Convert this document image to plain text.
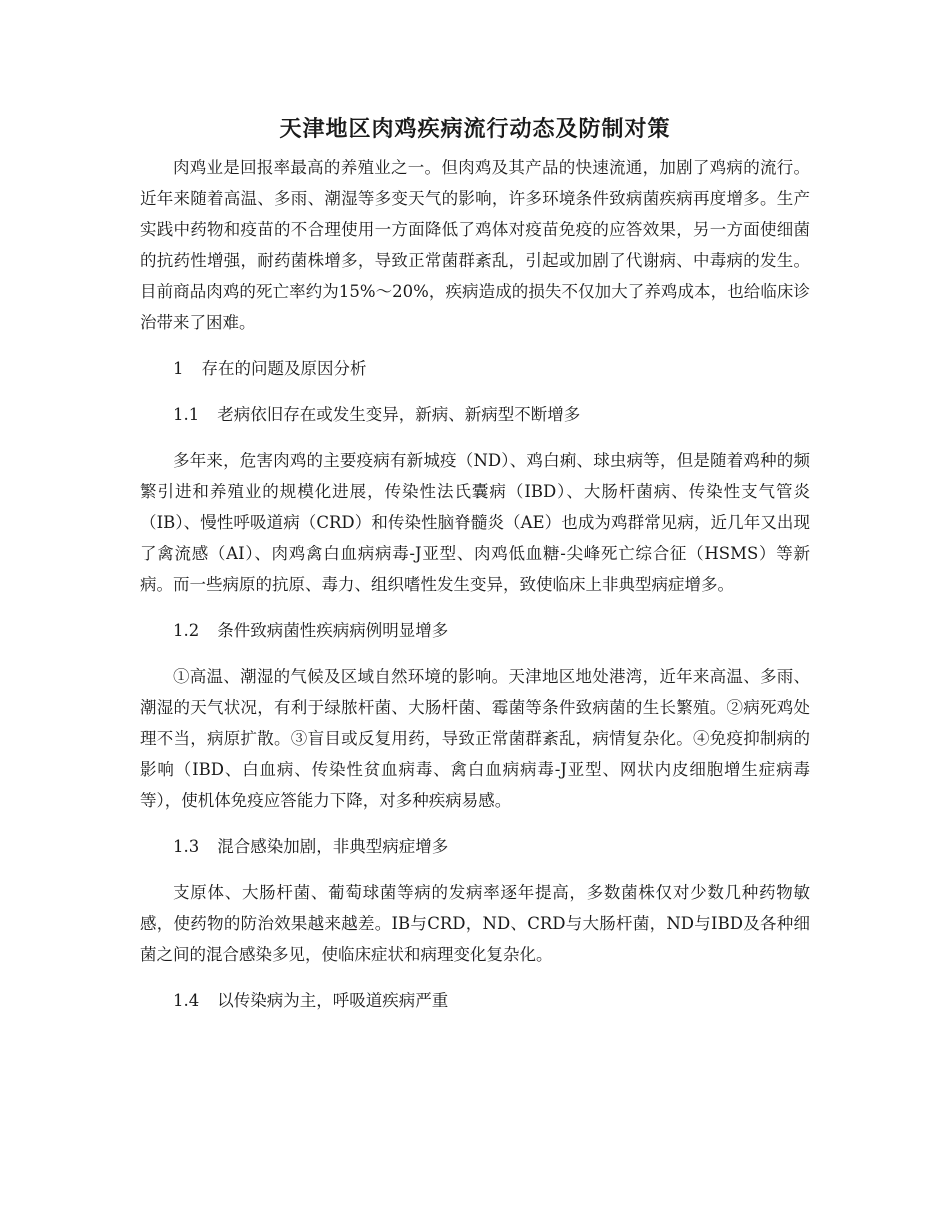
天津地区肉鸡疾病流行动态及防制对策

肉鸡业是回报率最高的养殖业之一。但肉鸡及其产品的快速流通，加剧了鸡病的流行。近年来随着高温、多雨、潮湿等多变天气的影响，许多环境条件致病菌疾病再度增多。生产实践中药物和疫苗的不合理使用一方面降低了鸡体对疫苗免疫的应答效果，另一方面使细菌的抗药性增强，耐药菌株增多，导致正常菌群紊乱，引起或加剧了代谢病、中毒病的发生。目前商品肉鸡的死亡率约为15%～20%，疾病造成的损失不仅加大了养鸡成本，也给临床诊治带来了困难。

1 存在的问题及原因分析
1.1 老病依旧存在或发生变异，新病、新病型不断增多

多年来，危害肉鸡的主要疫病有新城疫（ND）、鸡白痢、球虫病等，但是随着鸡种的频繁引进和养殖业的规模化进展，传染性法氏囊病（IBD）、大肠杆菌病、传染性支气管炎（IB）、慢性呼吸道病（CRD）和传染性脑脊髓炎（AE）也成为鸡群常见病，近几年又出现了禽流感（AI）、肉鸡禽白血病病毒-J亚型、肉鸡低血糖-尖峰死亡综合征（HSMS）等新病。而一些病原的抗原、毒力、组织嗜性发生变异，致使临床上非典型病症增多。

1.2 条件致病菌性疾病病例明显增多

①高温、潮湿的气候及区域自然环境的影响。天津地区地处港湾，近年来高温、多雨、潮湿的天气状况，有利于绿脓杆菌、大肠杆菌、霉菌等条件致病菌的生长繁殖。②病死鸡处理不当，病原扩散。③盲目或反复用药，导致正常菌群紊乱，病情复杂化。④免疫抑制病的影响（IBD、白血病、传染性贫血病毒、禽白血病病毒-J亚型、网状内皮细胞增生症病毒等），使机体免疫应答能力下降，对多种疾病易感。

1.3 混合感染加剧，非典型病症增多

支原体、大肠杆菌、葡萄球菌等病的发病率逐年提高，多数菌株仅对少数几种药物敏感，使药物的防治效果越来越差。IB与CRD，ND、CRD与大肠杆菌，ND与IBD及各种细菌之间的混合感染多见，使临床症状和病理变化复杂化。

1.4 以传染病为主，呼吸道疾病严重
